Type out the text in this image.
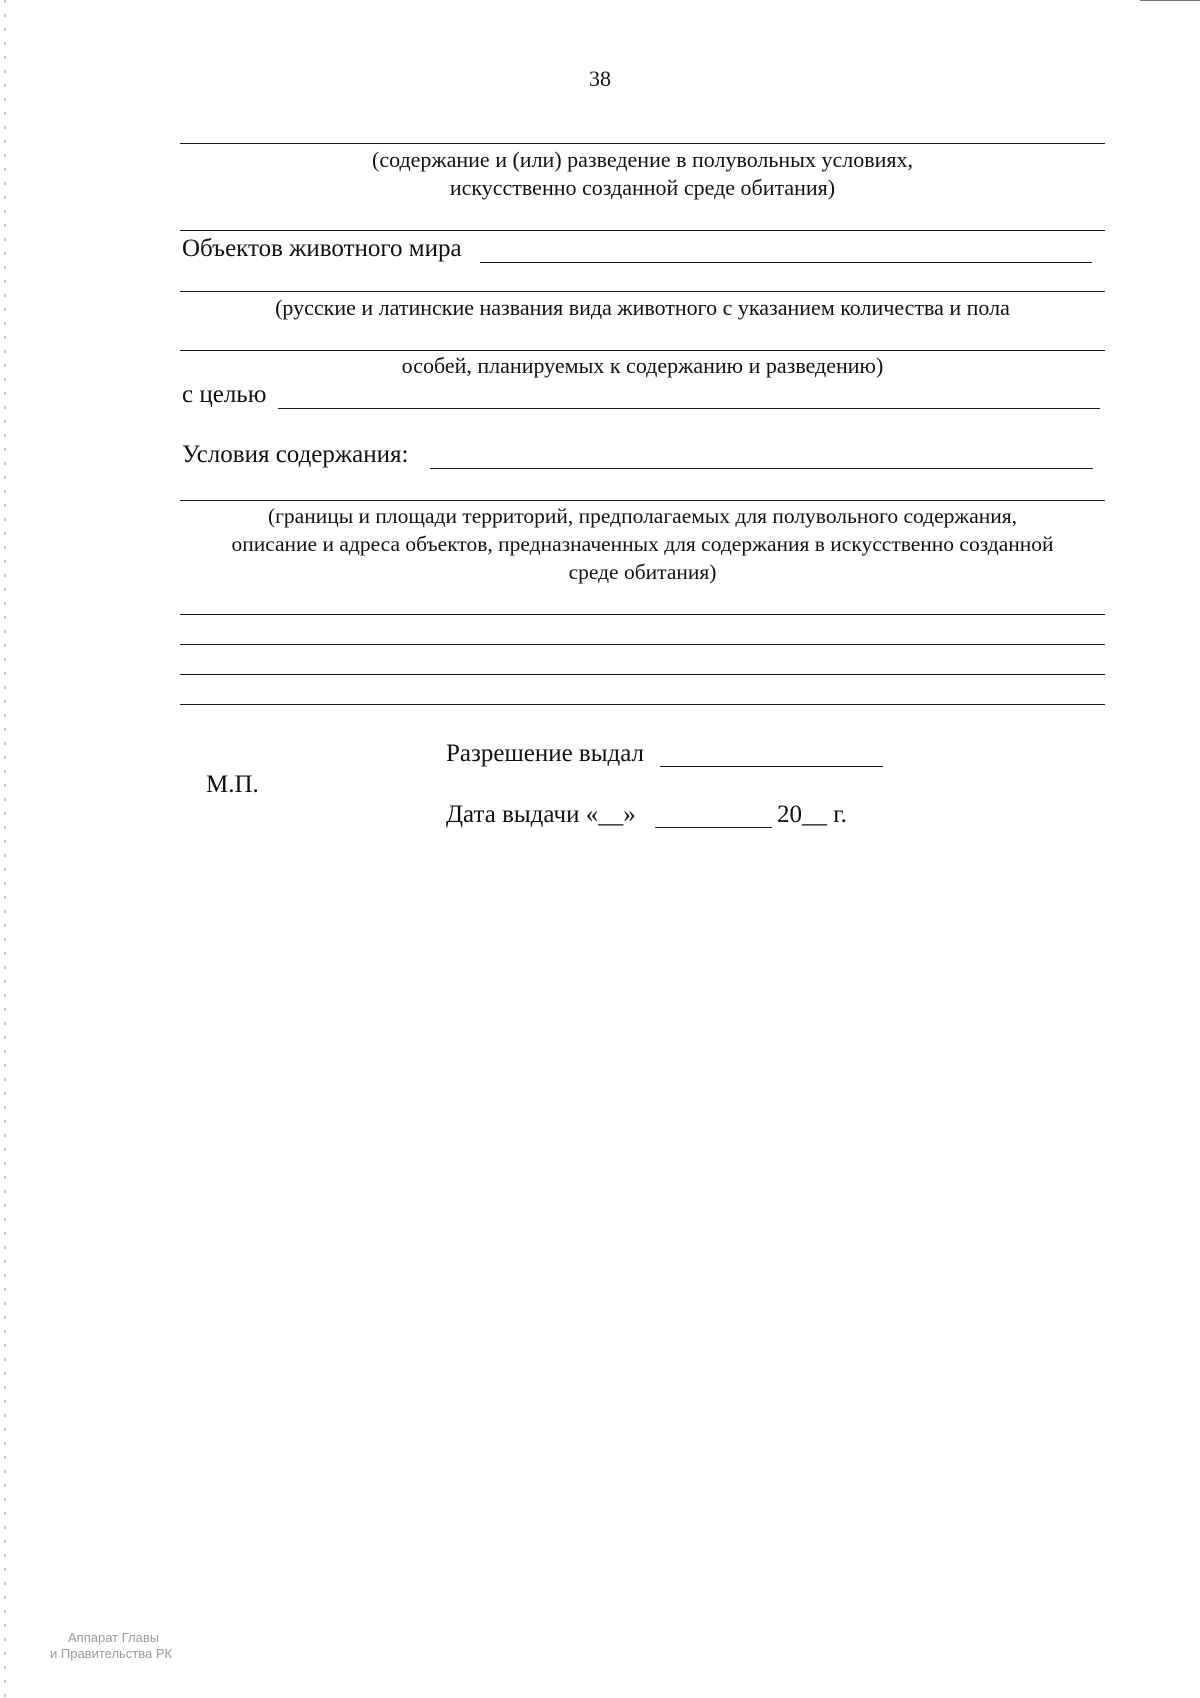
38
(содержание и (или) разведение в полувольных условиях,
искусственно созданной среде обитания)
Объектов животного мира
(русские и латинские названия вида животного с указанием количества и пола
особей, планируемых к содержанию и разведению)
с целью
Условия содержания:
(границы и площади территорий, предполагаемых для полувольного содержания,
описание и адреса объектов, предназначенных для содержания в искусственно созданной
среде обитания)
Разрешение выдал
М.П.
Дата выдачи «__»	20__ г.
Аппарат Главы
и Правительства РК
